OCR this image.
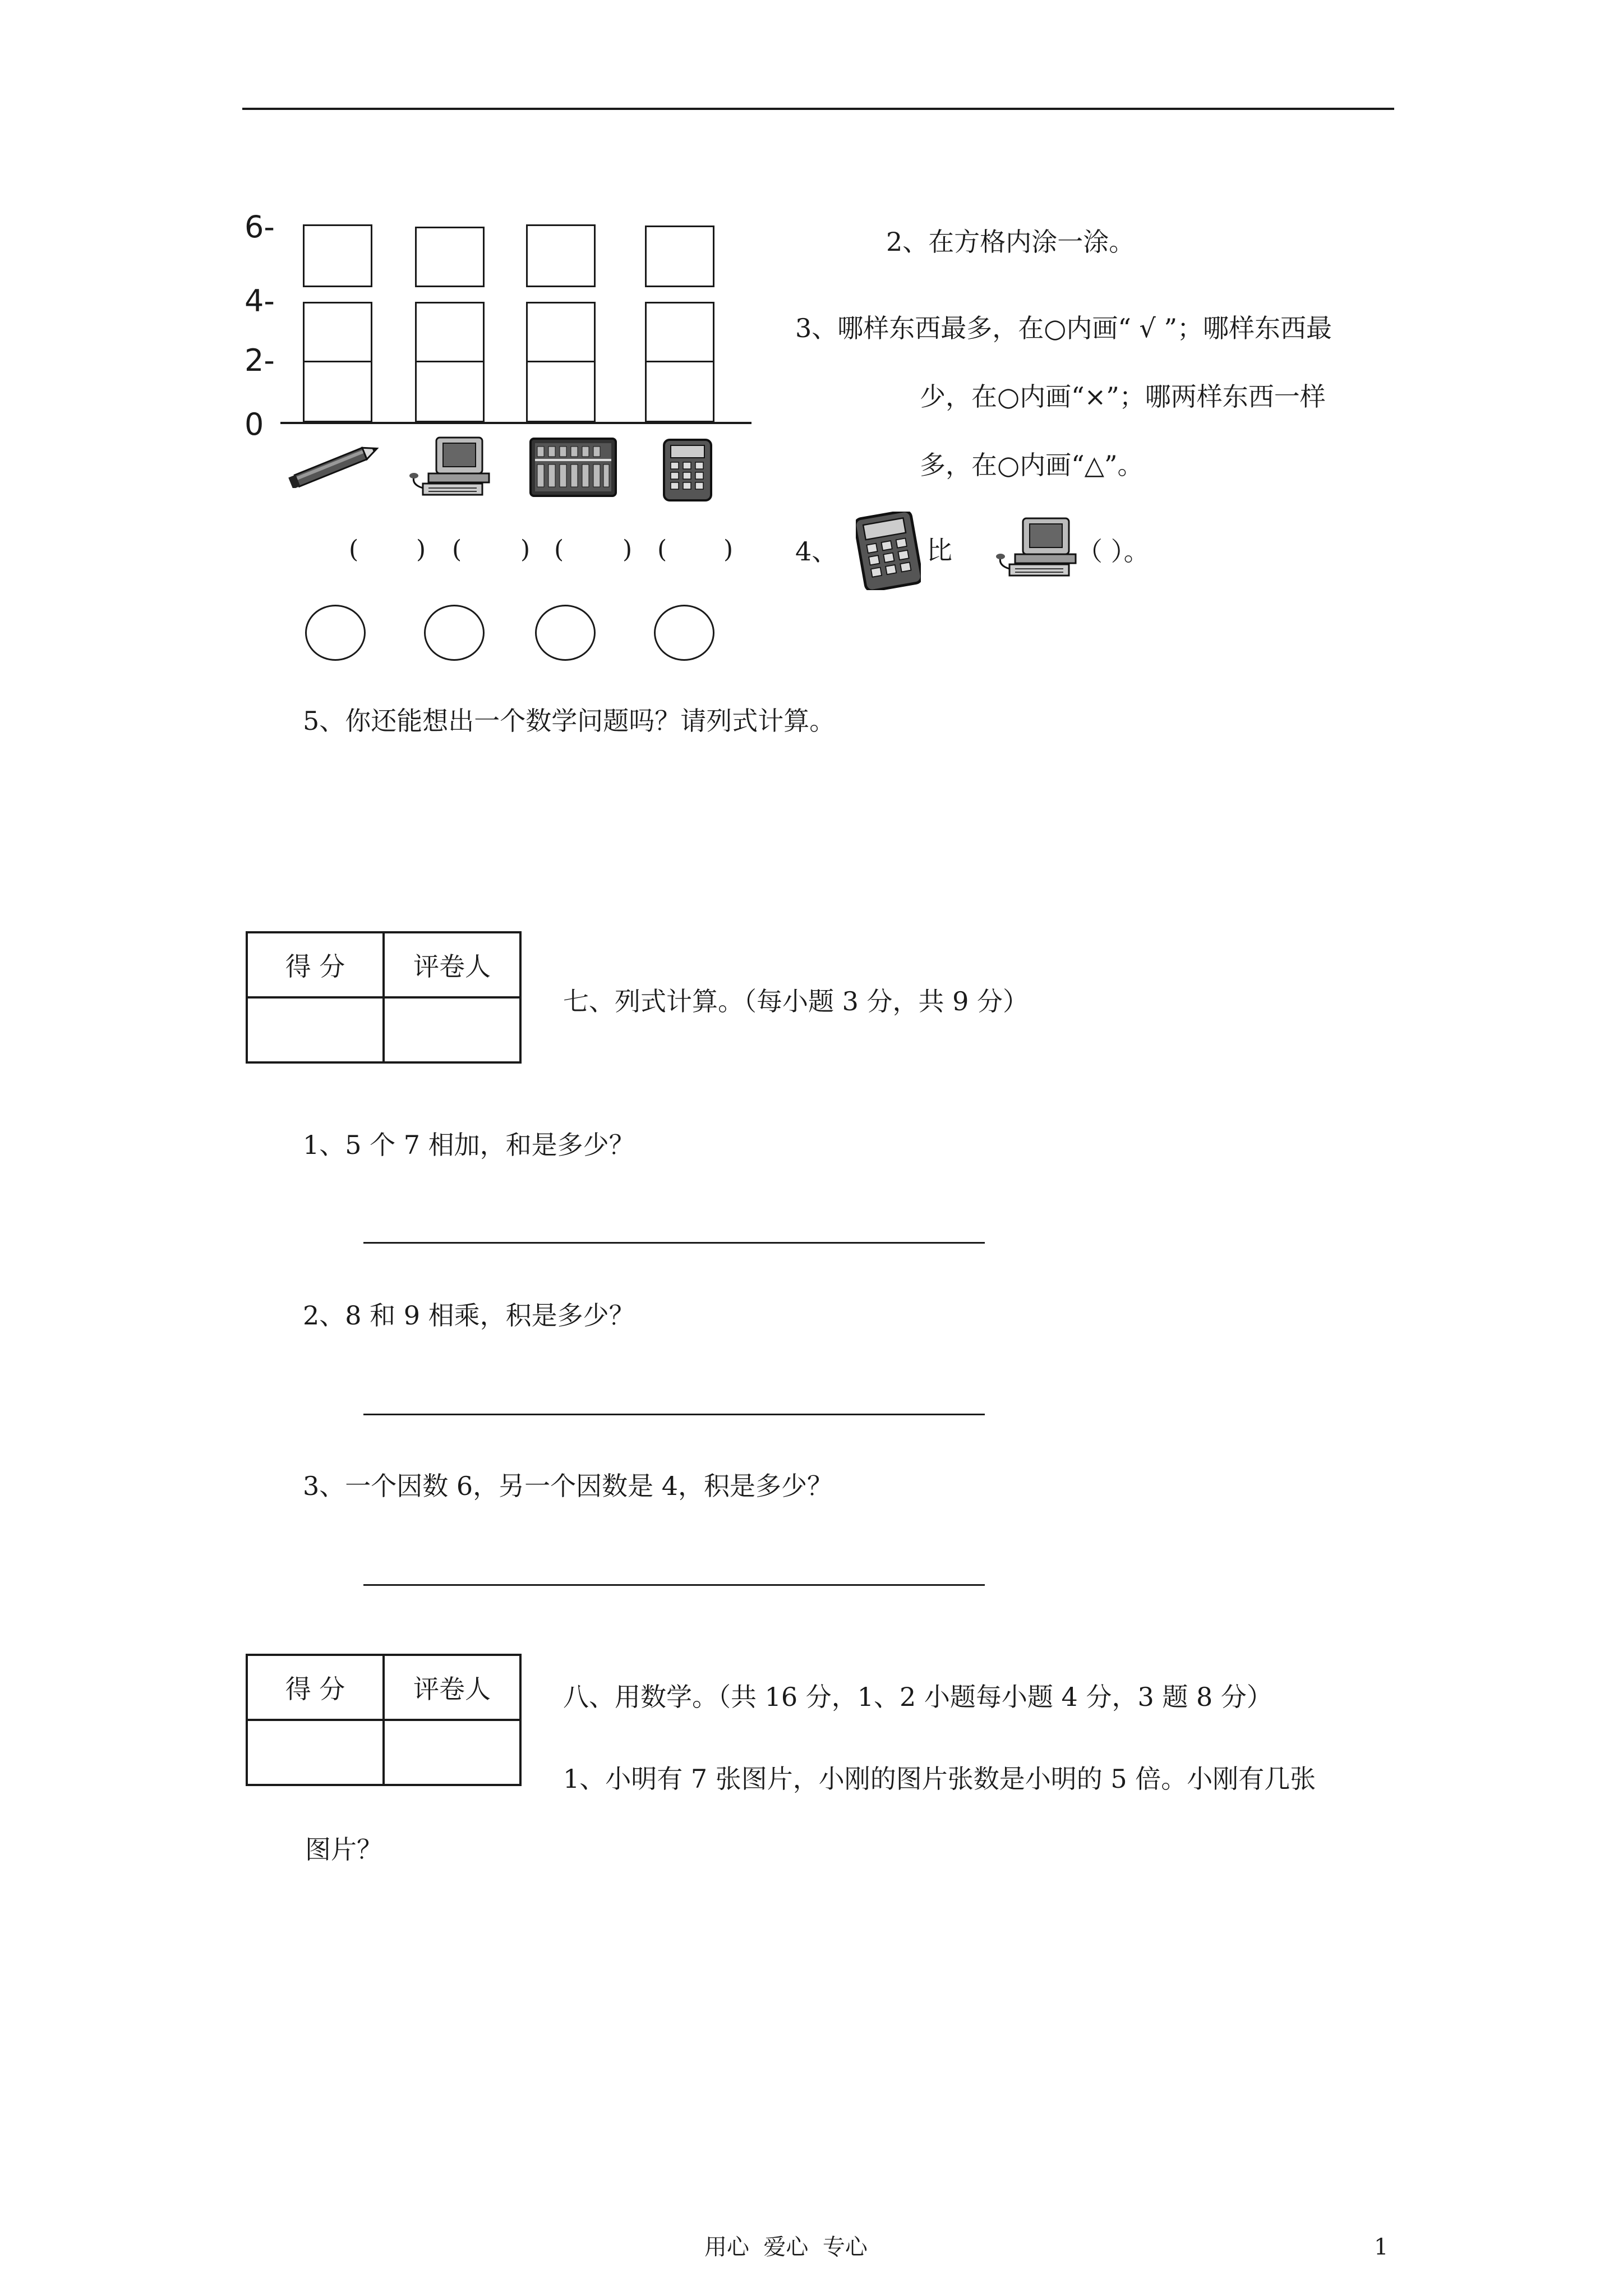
6-
4-
2-
0
( ) ( ) ( ) ( )
2、在方格内涂一涂。
3、哪样东西最多，在○内画“ √ ”；哪样东西最
少，在○内画“×”；哪两样东西一样
多，在○内画“△”。
4、	比	（ ）。
5、你还能想出一个数学问题吗？请列式计算。
得 分	评卷人

七、列式计算。（每小题 3 分，共 9 分）
1、5 个 7 相加，和是多少？
2、8 和 9 相乘，积是多少？
3、一个因数 6，另一个因数是 4，积是多少？
得 分	评卷人
		八、用数学。（共 16 分，1、2 小题每小题 4 分，3 题 8 分）
1、小明有 7 张图片，小刚的图片张数是小明的 5 倍。小刚有几张
图片？
用心  爱心  专心	1
